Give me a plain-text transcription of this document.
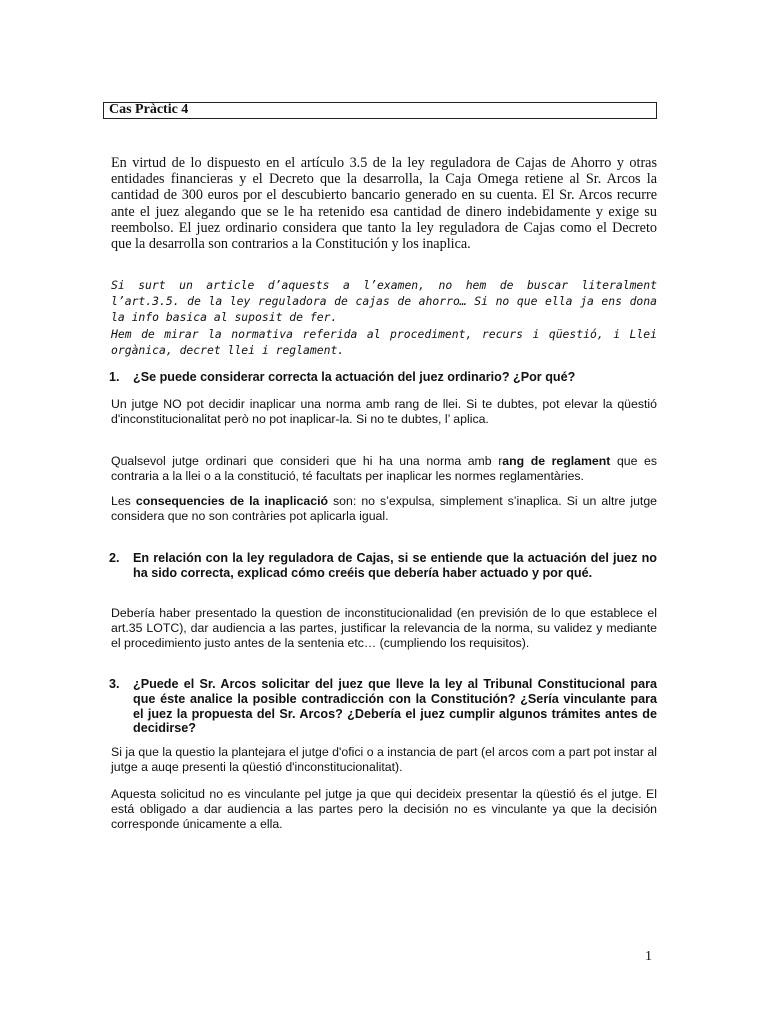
Cas Pràctic 4

En virtud de lo dispuesto en el artículo 3.5 de la ley reguladora de Cajas de Ahorro y otras entidades financieras y el Decreto que la desarrolla, la Caja Omega retiene al Sr. Arcos la cantidad de 300 euros por el descubierto bancario generado en su cuenta. El Sr. Arcos recurre ante el juez alegando que se le ha retenido esa cantidad de dinero indebidamente y exige su reembolso. El juez ordinario considera que tanto la ley reguladora de Cajas como el Decreto que la desarrolla son contrarios a la Constitución y los inaplica.

Si surt un article d’aquests a l’examen, no hem de buscar literalment l’art.3.5. de la ley reguladora de cajas de ahorro… Si no que ella ja ens dona la info basica al suposit de fer.
Hem de mirar la normativa referida al procediment, recurs i qüestió, i Llei orgànica, decret llei i reglament.
1. ¿Se puede considerar correcta la actuación del juez ordinario? ¿Por qué?

Un jutge NO pot decidir inaplicar una norma amb rang de llei. Si te dubtes, pot elevar la qüestió d'inconstitucionalitat però no pot inaplicar-la. Si no te dubtes, l’ aplica.

Qualsevol jutge ordinari que consideri que hi ha una norma amb rang de reglament que es contraria a la llei o a la constitució, té facultats per inaplicar les normes reglamentàries.

Les consequencies de la inaplicació son: no s’expulsa, simplement s’inaplica. Si un altre jutge considera que no son contràries pot aplicarla igual.

2. En relación con la ley reguladora de Cajas, si se entiende que la actuación del juez no ha sido correcta, explicad cómo creéis que debería haber actuado y por qué.

Debería haber presentado la question de inconstitucionalidad (en previsión de lo que establece el art.35 LOTC), dar audiencia a las partes, justificar la relevancia de la norma, su validez y mediante el procedimiento justo antes de la sentenia etc… (cumpliendo los requisitos).

3. ¿Puede el Sr. Arcos solicitar del juez que lleve la ley al Tribunal Constitucional para que éste analice la posible contradicción con la Constitución? ¿Sería vinculante para el juez la propuesta del Sr. Arcos? ¿Debería el juez cumplir algunos trámites antes de decidirse?

Si ja que la questio la plantejara el jutge d'ofici o a instancia de part (el arcos com a part pot instar al jutge a auqe presenti la qüestió d'inconstitucionalitat).

Aquesta solicitud no es vinculante pel jutge ja que qui decideix presentar la qüestió és el jutge. El está obligado a dar audiencia a las partes pero la decisión no es vinculante ya que la decisión corresponde únicamente a ella.

1
